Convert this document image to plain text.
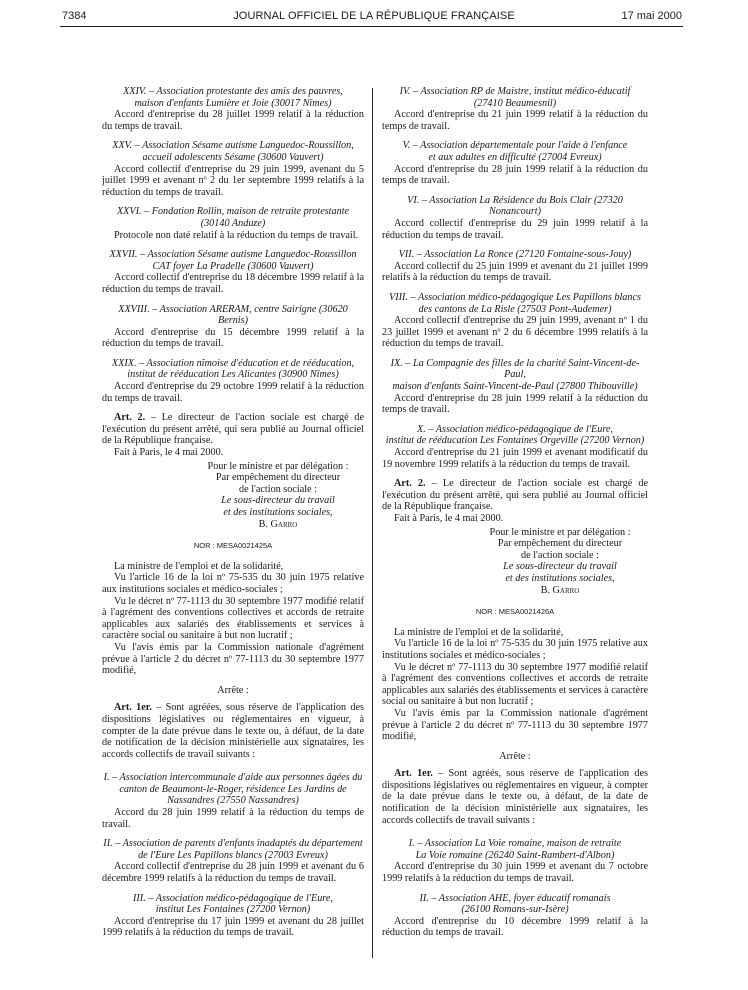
7384	JOURNAL OFFICIEL DE LA RÉPUBLIQUE FRANÇAISE	17 mai 2000

XXIV. – Association protestante des amis des pauvres,

maison d'enfants Lumière et Joie (30017 Nîmes)

Accord d'entreprise du 28 juillet 1999 relatif à la réduction du temps de travail.

XXV. – Association Sésame autisme Languedoc-Roussillon,

accueil adolescents Sésame (30600 Vauvert)

Accord collectif d'entreprise du 29 juin 1999, avenant du 5 juillet 1999 et avenant nº 2 du 1er septembre 1999 relatifs à la réduction du temps de travail.

XXVI. – Fondation Rollin, maison de retraite protestante

(30140 Anduze)

Protocole non daté relatif à la réduction du temps de travail.

XXVII. – Association Sésame autisme Languedoc-Roussillon

CAT foyer La Pradelle (30600 Vauvert)

Accord collectif d'entreprise du 18 décembre 1999 relatif à la réduction du temps de travail.

XXVIII. – Association ARERAM, centre Sairigne (30620 Bernis)

Accord d'entreprise du 15 décembre 1999 relatif à la réduction du temps de travail.

XXIX. – Association nîmoise d'éducation et de rééducation,

institut de rééducation Les Alicantes (30900 Nîmes)

Accord d'entreprise du 29 octobre 1999 relatif à la réduction du temps de travail.

Art. 2. – Le directeur de l'action sociale est chargé de l'exécution du présent arrêté, qui sera publié au Journal officiel de la République française.

Fait à Paris, le 4 mai 2000.

Pour le ministre et par délégation :

Par empêchement du directeur

de l'action sociale :

Le sous-directeur du travail

et des institutions sociales,

B. Garro

NOR : MESA0021425A

La ministre de l'emploi et de la solidarité,

Vu l'article 16 de la loi nº 75-535 du 30 juin 1975 relative aux institutions sociales et médico-sociales ;

Vu le décret nº 77-1113 du 30 septembre 1977 modifié relatif à l'agrément des conventions collectives et accords de retraite applicables aux salariés des établissements et services à caractère social ou sanitaire à but non lucratif ;

Vu l'avis émis par la Commission nationale d'agrément prévue à l'article 2 du décret nº 77-1113 du 30 septembre 1977 modifié,

Arrête :

Art. 1er. – Sont agréées, sous réserve de l'application des dispositions législatives ou réglementaires en vigueur, à compter de la date prévue dans le texte ou, à défaut, de la date de notification de la décision ministérielle aux signataires, les accords collectifs de travail suivants :

I. – Association intercommunale d'aide aux personnes âgées du canton de Beaumont-le-Roger, résidence Les Jardins de Nassandres (27550 Nassandres)

Accord du 28 juin 1999 relatif à la réduction du temps de travail.

II. – Association de parents d'enfants inadaptés du département

de l'Eure Les Papillons blancs (27003 Evreux)

Accord collectif d'entreprise du 28 juin 1999 et avenant du 6 décembre 1999 relatifs à la réduction du temps de travail.

III. – Association médico-pédagogique de l'Eure,

institut Les Fontaines (27200 Vernon)

Accord d'entreprise du 17 juin 1999 et avenant du 28 juillet 1999 relatifs à la réduction du temps de travail.

IV. – Association RP de Maistre, institut médico-éducatif

(27410 Beaumesnil)

Accord d'entreprise du 21 juin 1999 relatif à la réduction du temps de travail.

V. – Association départementale pour l'aide à l'enfance

et aux adultes en difficulté (27004 Evreux)

Accord d'entreprise du 28 juin 1999 relatif à la réduction du temps de travail.

VI. – Association La Résidence du Bois Clair (27320 Nonancourt)

Accord collectif d'entreprise du 29 juin 1999 relatif à la réduction du temps de travail.

VII. – Association La Ronce (27120 Fontaine-sous-Jouy)

Accord collectif du 25 juin 1999 et avenant du 21 juillet 1999 relatifs à la réduction du temps de travail.

VIII. – Association médico-pédagogique Les Papillons blancs

des cantons de La Risle (27503 Pont-Audemer)

Accord collectif d'entreprise du 29 juin 1999, avenant nº 1 du 23 juillet 1999 et avenant nº 2 du 6 décembre 1999 relatifs à la réduction du temps de travail.

IX. – La Compagnie des filles de la charité Saint-Vincent-de-Paul,

maison d'enfants Saint-Vincent-de-Paul (27800 Thibouville)

Accord d'entreprise du 28 juin 1999 relatif à la réduction du temps de travail.

X. – Association médico-pédagogique de l'Eure,

institut de rééducation Les Fontaines Orgeville (27200 Vernon)

Accord d'entreprise du 21 juin 1999 et avenant modificatif du 19 novembre 1999 relatifs à la réduction du temps de travail.

Art. 2. – Le directeur de l'action sociale est chargé de l'exécution du présent arrêté, qui sera publié au Journal officiel de la République française.

Fait à Paris, le 4 mai 2000.

Pour le ministre et par délégation :

Par empêchement du directeur

de l'action sociale :

Le sous-directeur du travail

et des institutions sociales,

B. Garro

NOR : MESA0021426A

La ministre de l'emploi et de la solidarité,

Vu l'article 16 de la loi nº 75-535 du 30 juin 1975 relative aux institutions sociales et médico-sociales ;

Vu le décret nº 77-1113 du 30 septembre 1977 modifié relatif à l'agrément des conventions collectives et accords de retraite applicables aux salariés des établissements et services à caractère social ou sanitaire à but non lucratif ;

Vu l'avis émis par la Commission nationale d'agrément prévue à l'article 2 du décret nº 77-1113 du 30 septembre 1977 modifié,

Arrête :

Art. 1er. – Sont agréés, sous réserve de l'application des dispositions législatives ou réglementaires en vigueur, à compter de la date prévue dans le texte ou, à défaut, de la date de notification de la décision ministérielle aux signataires, les accords collectifs de travail suivants :

I. – Association La Voie romaine, maison de retraite

La Voie romaine (26240 Saint-Rambert-d'Albon)

Accord d'entreprise du 30 juin 1999 et avenant du 7 octobre 1999 relatifs à la réduction du temps de travail.

II. – Association AHE, foyer éducatif romanais

(26100 Romans-sur-Isère)

Accord d'entreprise du 10 décembre 1999 relatif à la réduction du temps de travail.
